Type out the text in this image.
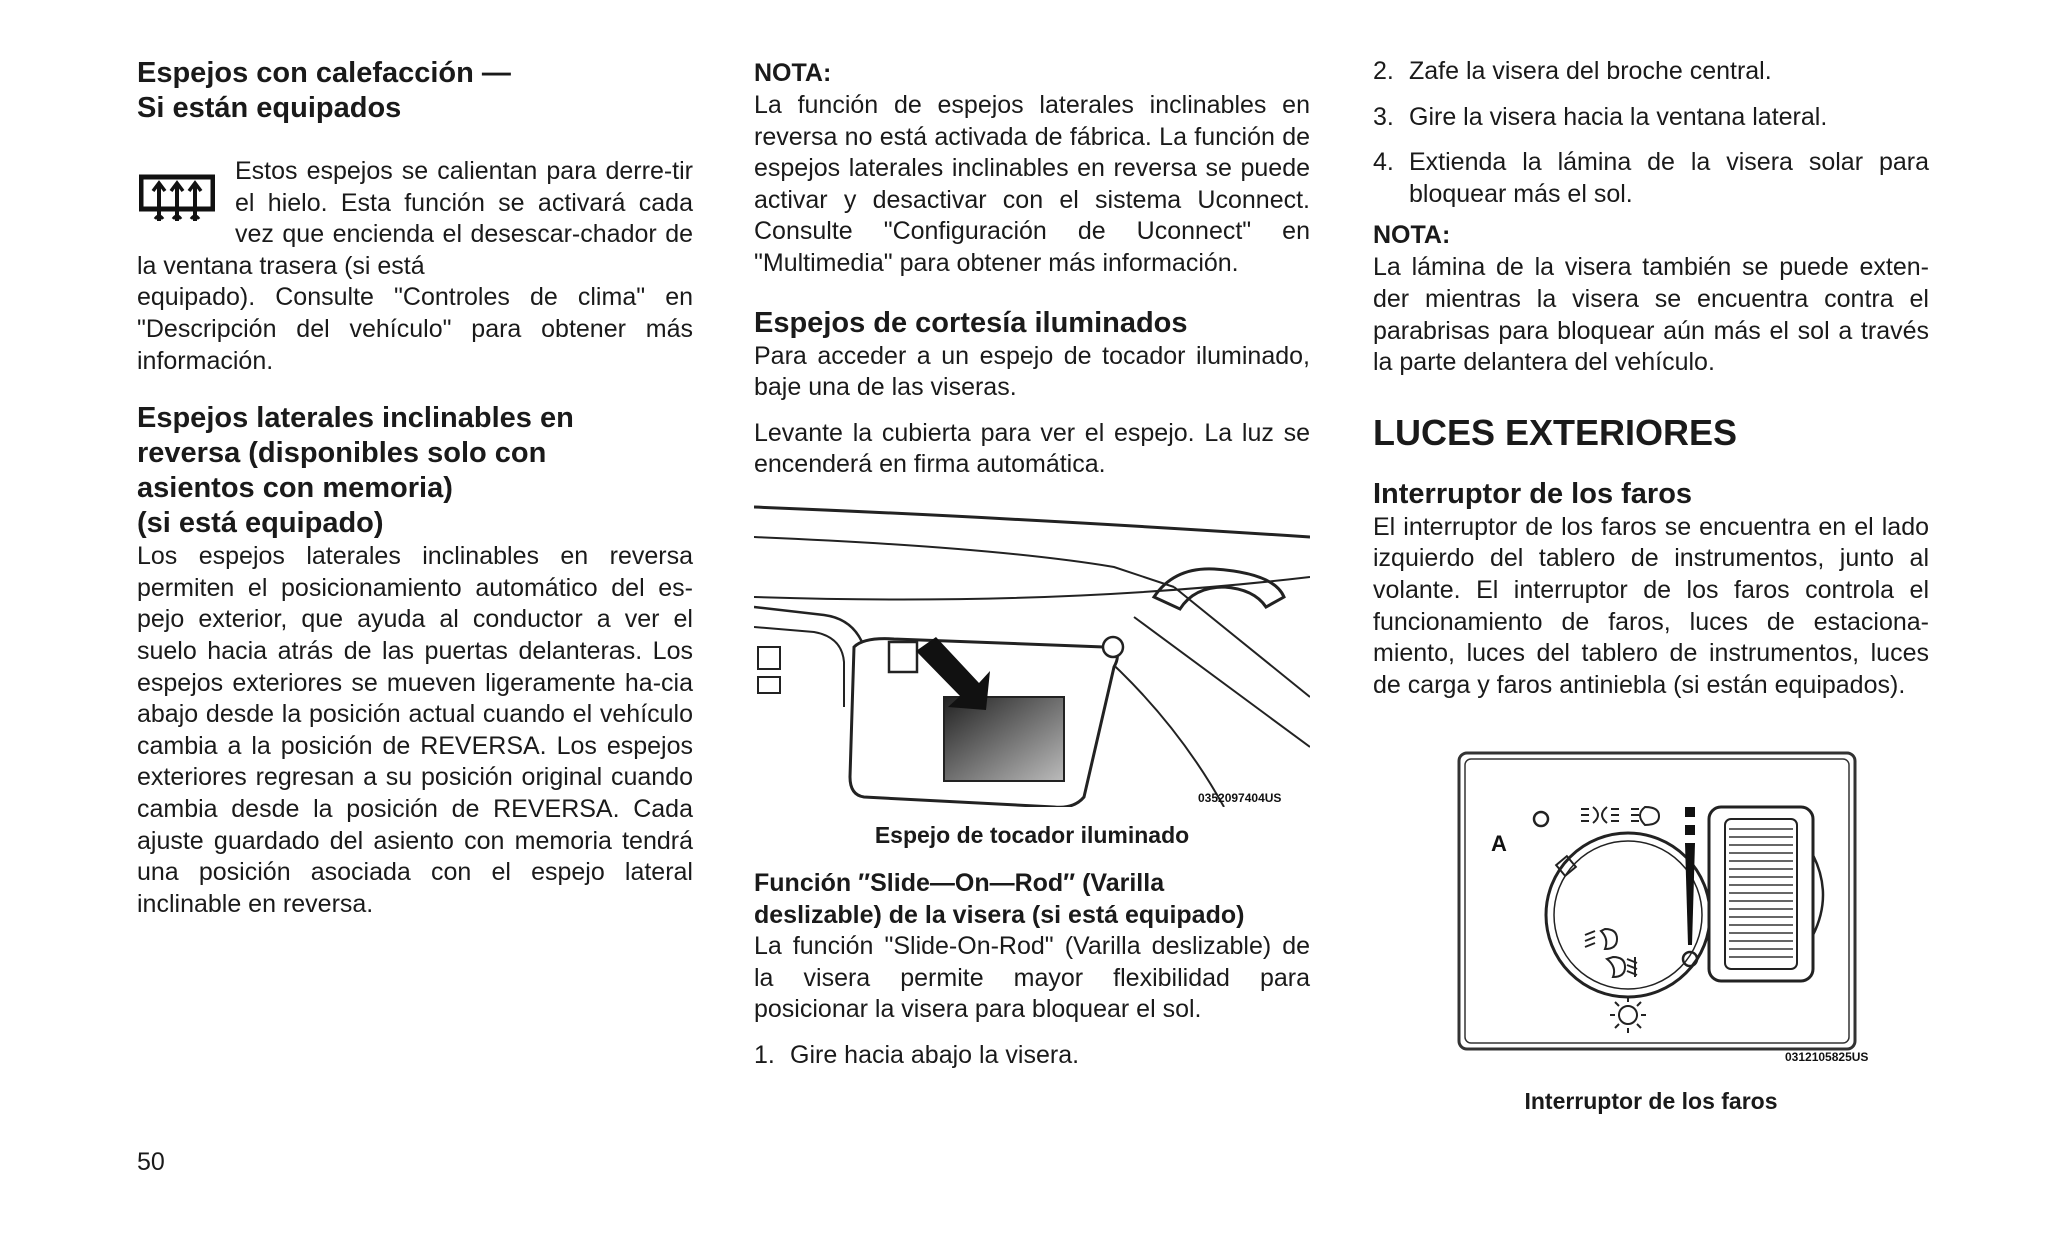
Espejos con calefacción —
Si están equipados

Estos espejos se calientan para derre-tir el hielo. Esta función se activará cada vez que encienda el desescar-chador de la ventana trasera (si está

equipado). Consulte "Controles de clima" en "Descripción del vehículo" para obtener más información.

Espejos laterales inclinables en
reversa (disponibles solo con
asientos con memoria)
(si está equipado)

Los espejos laterales inclinables en reversa permiten el posicionamiento automático del es-pejo exterior, que ayuda al conductor a ver el suelo hacia atrás de las puertas delanteras. Los espejos exteriores se mueven ligeramente ha-cia abajo desde la posición actual cuando el vehículo cambia a la posición de REVERSA. Los espejos exteriores regresan a su posición original cuando cambia desde la posición de REVERSA. Cada ajuste guardado del asiento con memoria tendrá una posición asociada con el espejo lateral inclinable en reversa.

NOTA:

La función de espejos laterales inclinables en reversa no está activada de fábrica. La función de espejos laterales inclinables en reversa se puede activar y desactivar con el sistema Uconnect. Consulte "Configuración de Uconnect" en "Multimedia" para obtener más información.

Espejos de cortesía iluminados

Para acceder a un espejo de tocador iluminado, baje una de las viseras.

Levante la cubierta para ver el espejo. La luz se encenderá en firma automática.

0352097404US
Espejo de tocador iluminado
Función ″Slide—On—Rod″ (Varilla
deslizable) de la visera (si está equipado)

La función "Slide-On-Rod" (Varilla deslizable) de la visera permite mayor flexibilidad para posicionar la visera para bloquear el sol.

1. Gire hacia abajo la visera.
2. Zafe la visera del broche central.
3. Gire la visera hacia la ventana lateral.
4. Extienda la lámina de la visera solar para bloquear más el sol.
NOTA:

La lámina de la visera también se puede exten-der mientras la visera se encuentra contra el parabrisas para bloquear aún más el sol a través la parte delantera del vehículo.

LUCES EXTERIORES
Interruptor de los faros

El interruptor de los faros se encuentra en el lado izquierdo del tablero de instrumentos, junto al volante. El interruptor de los faros controla el funcionamiento de faros, luces de estaciona-miento, luces del tablero de instrumentos, luces de carga y faros antiniebla (si están equipados).

A
0312105825US
Interruptor de los faros
50
